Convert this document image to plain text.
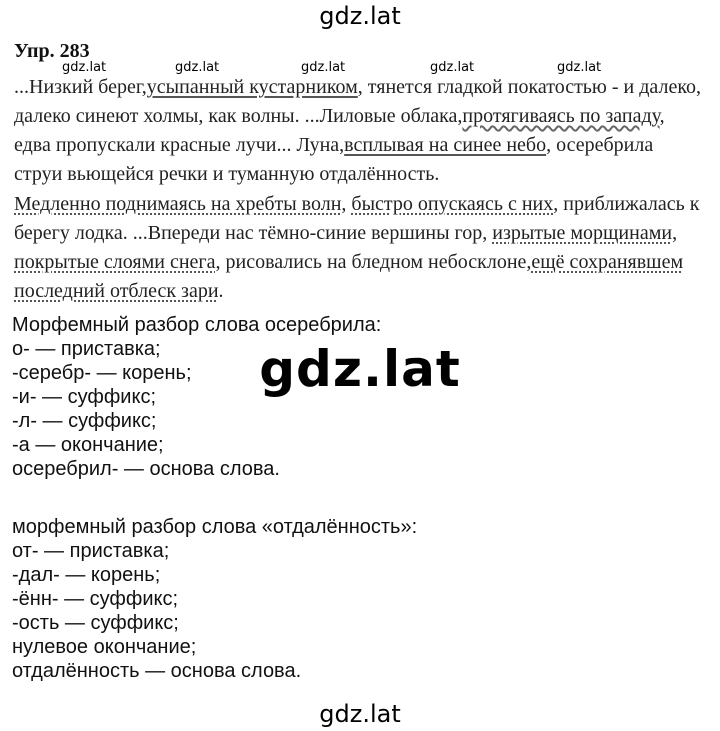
gdz.lat
Упр. 283
gdz.lat	gdz.lat	gdz.lat	gdz.lat	gdz.lat
...Низкий берег,усыпанный кустарником, тянется гладкой покатостью - и далеко,
далеко синеют холмы, как волны. ...Лиловые облака,протягиваясь по западу,
едва пропускали красные лучи... Луна,всплывая на синее небо, осеребрила
струи вьющейся речки и туманную отдалённость.
Медленно поднимаясь на хребты волн, быстро опускаясь с них, приближалась к
берегу лодка. ...Впереди нас тёмно-синие вершины гор, изрытые морщинами,
покрытые слоями снега, рисовались на бледном небосклоне,ещё сохранявшем
последний отблеск зари.
Морфемный разбор слова осеребрила:
о- — приставка;
-серебр- — корень;
-и- — суффикс;
-л- — суффикс;
-а — окончание;
осеребрил- — основа слова.
морфемный разбор слова «отдалённость»:
от- — приставка;
-дал- — корень;
-ённ- — суффикс;
-ость — суффикс;
нулевое окончание;
отдалённость — основа слова.
gdz.lat
gdz.lat
